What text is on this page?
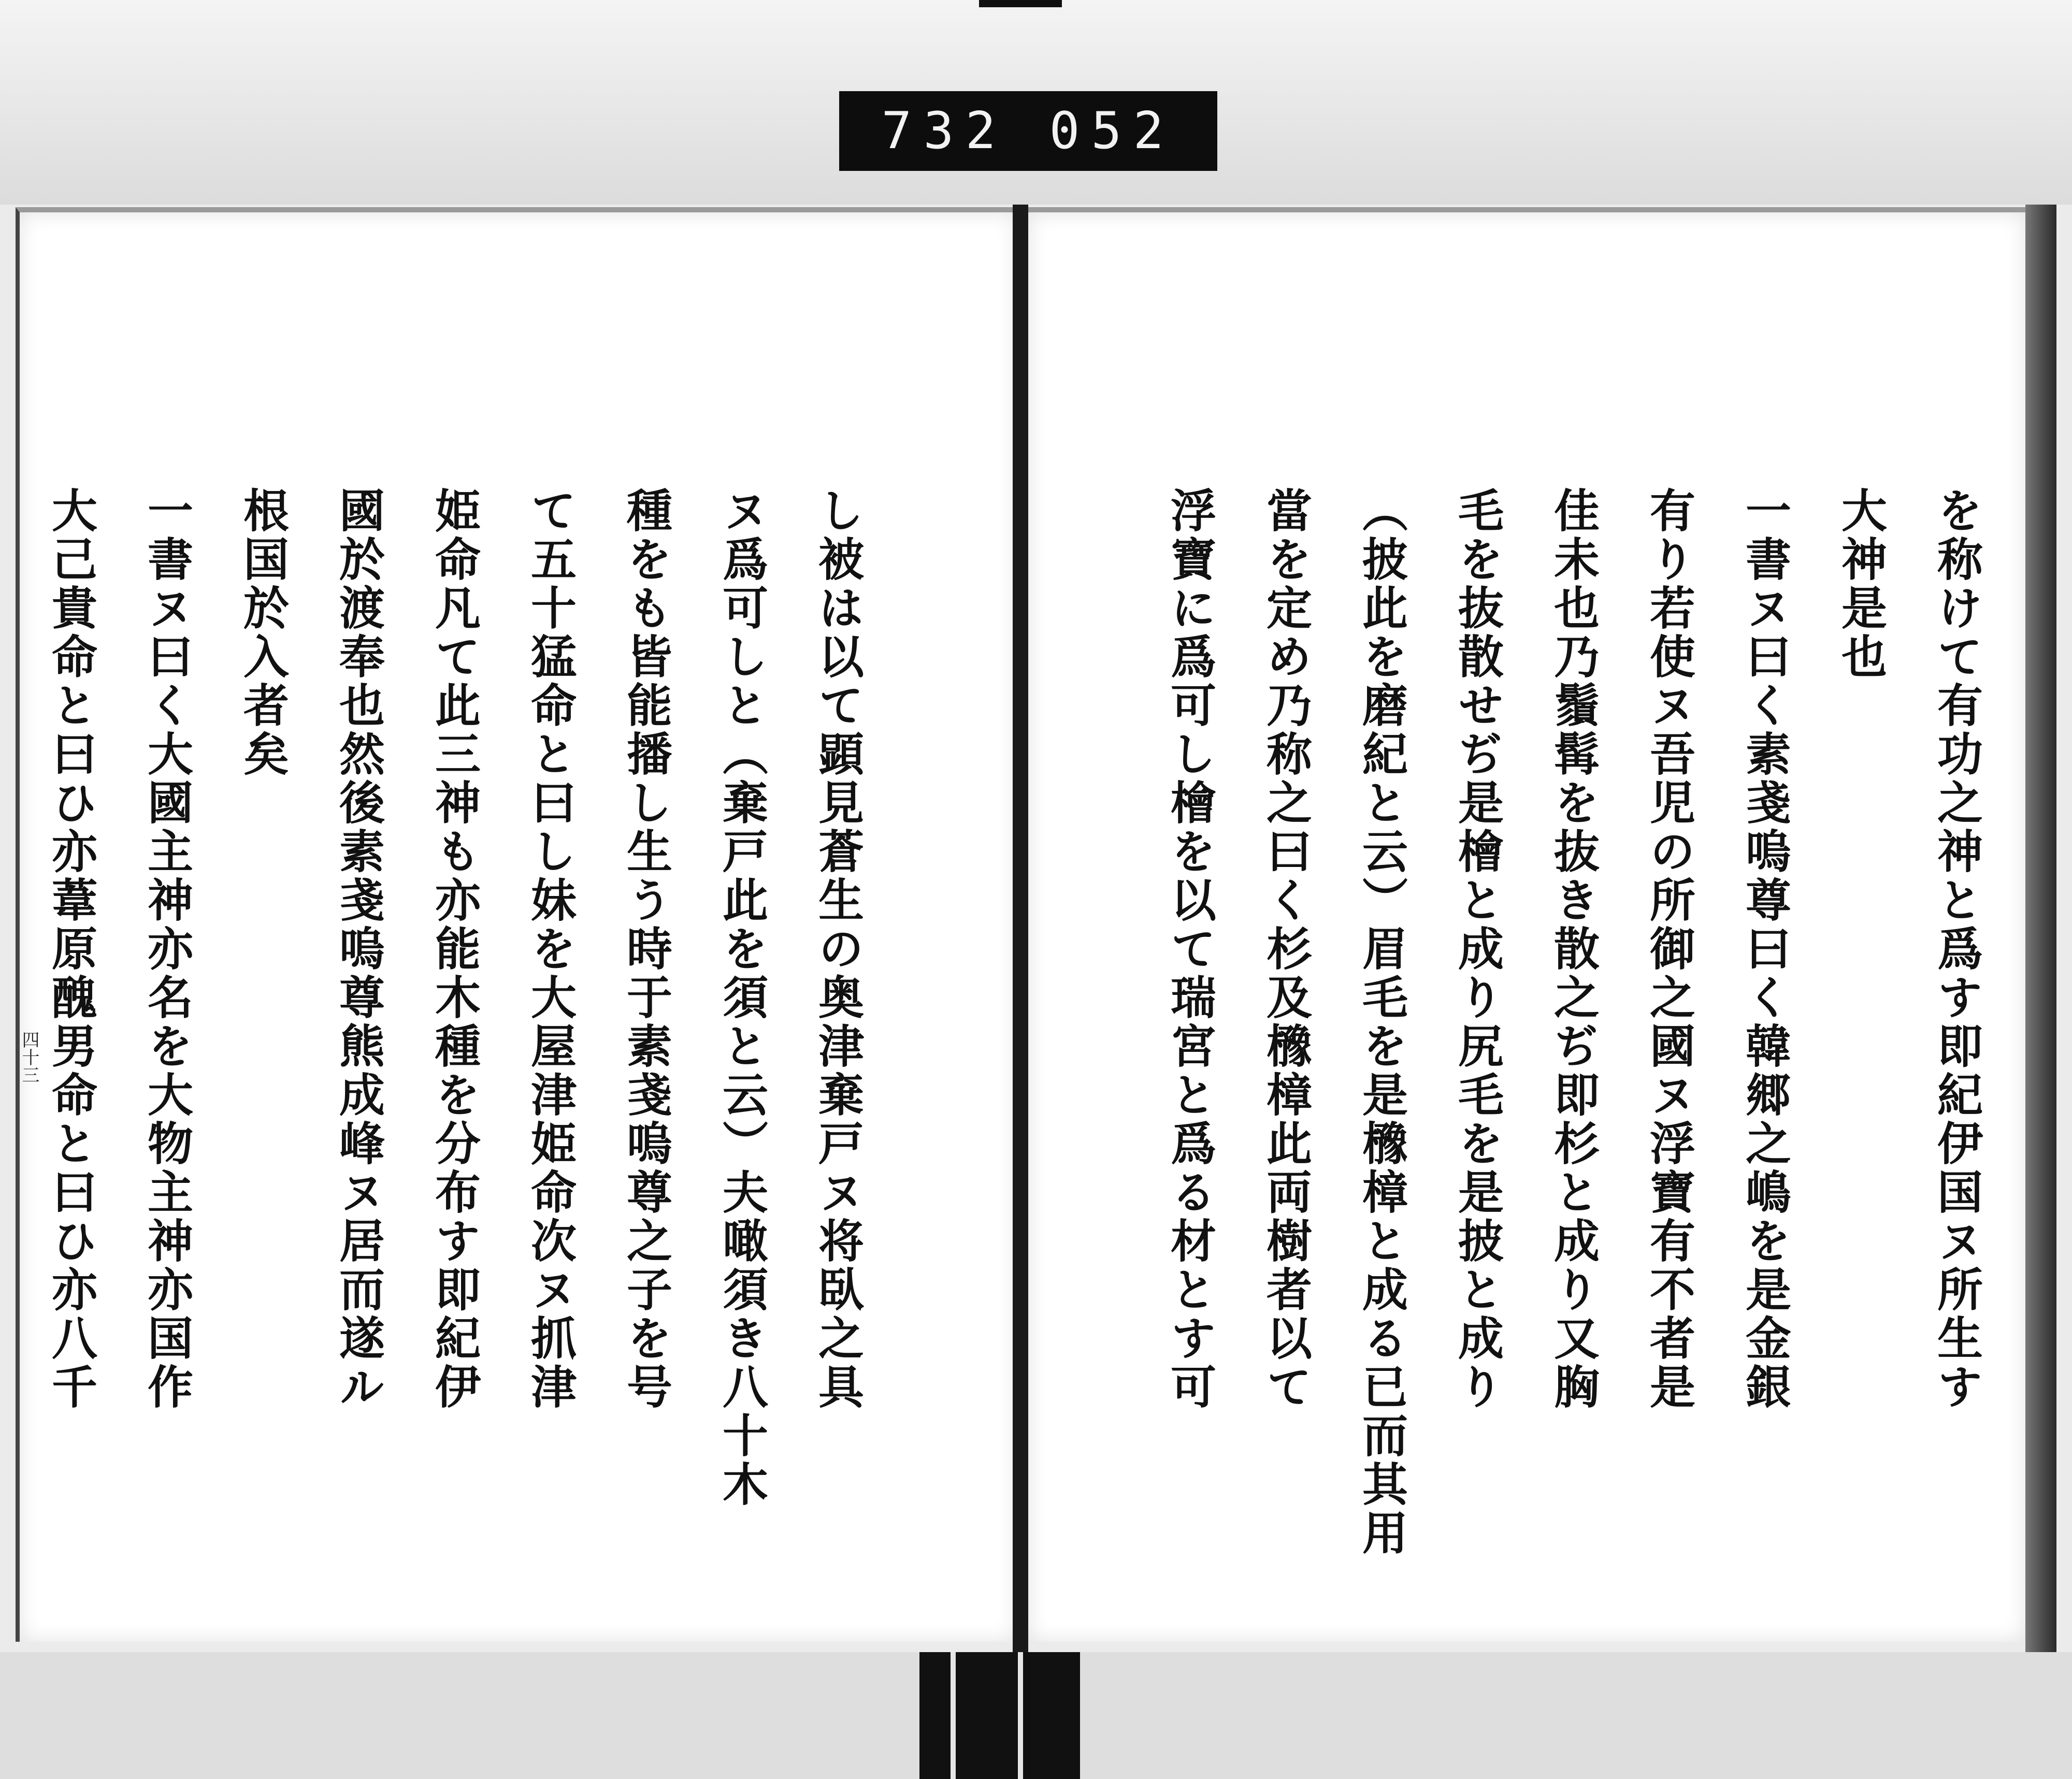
732 052
を称けて有功之神と爲す即紀伊国ヌ所生す
大神是也
一書ヌ曰く素戔嗚尊曰く韓郷之嶋を是金銀
有り若使ヌ吾児の所御之國ヌ浮寶有不者是
佳未也乃鬚髯を抜き散之ぢ即杉と成り又胸
毛を抜散せぢ是檜と成り尻毛を是披と成り
（披此を磨紀と云）眉毛を是櫲樟と成る已而其用
當を定め乃称之曰く杉及櫲樟此両樹者以て
浮寶に爲可し檜を以て瑞宮と爲る材とす可
し被は以て顕見蒼生の奥津棄戸ヌ将臥之具
ヌ爲可しと（棄戸此を須と云）夫噉須き八十木
種をも皆能播し生う時于素戔嗚尊之子を号
て五十猛命と曰し妹を大屋津姫命次ヌ抓津
姫命凡て此三神も亦能木種を分布す即紀伊
國於渡奉也然後素戔嗚尊熊成峰ヌ居而遂ル
根国於入者矣
一書ヌ曰く大國主神亦名を大物主神亦国作
大己貴命と曰ひ亦葦原醜男命と曰ひ亦八千
四十三
